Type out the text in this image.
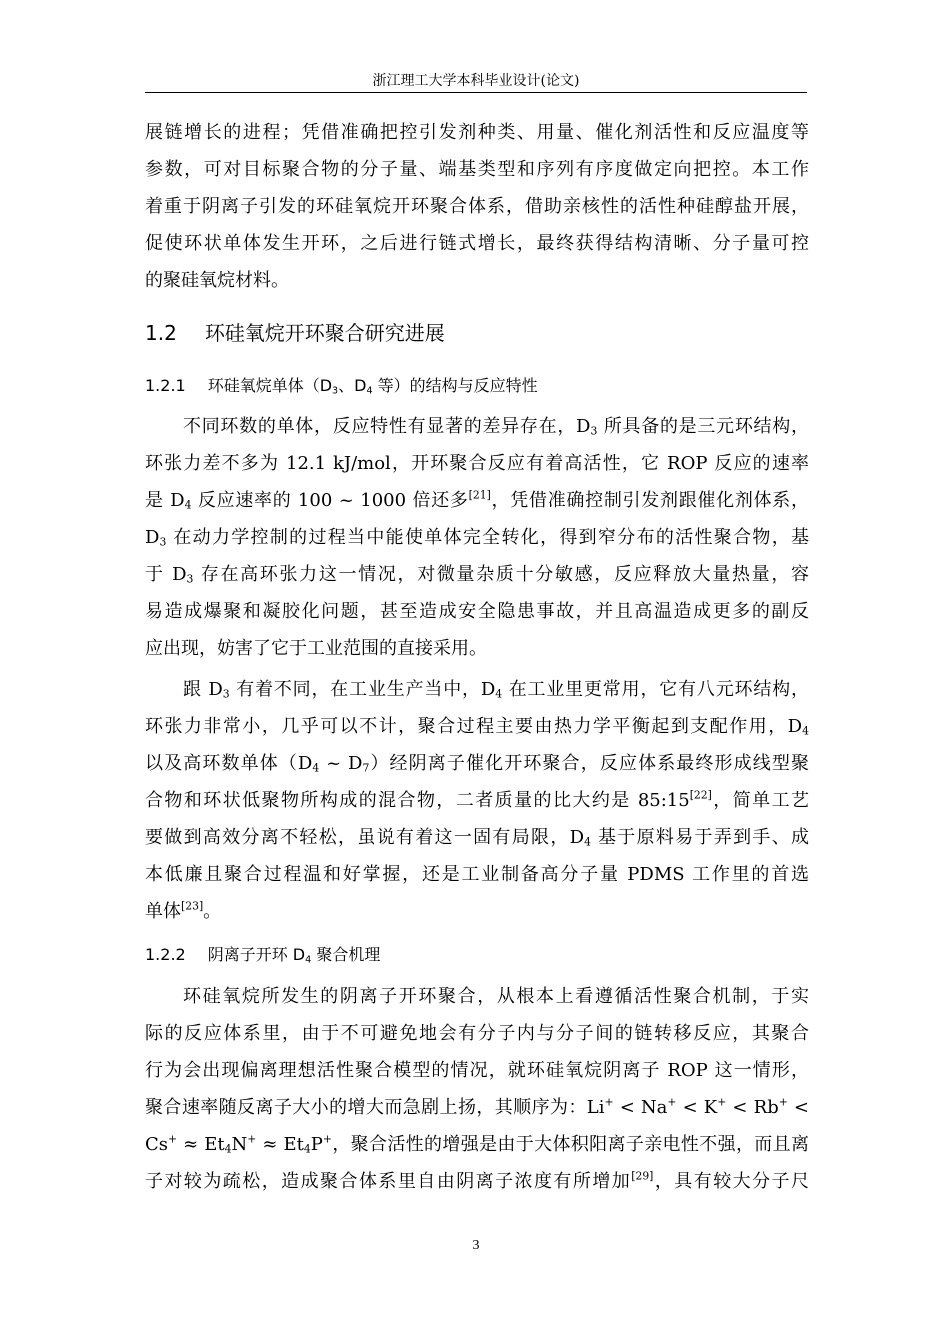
浙江理工大学本科毕业设计(论文)
展链增长的进程；凭借准确把控引发剂种类、用量、催化剂活性和反应温度等
参数，可对目标聚合物的分子量、端基类型和序列有序度做定向把控。本工作
着重于阴离子引发的环硅氧烷开环聚合体系，借助亲核性的活性种硅醇盐开展，
促使环状单体发生开环，之后进行链式增长，最终获得结构清晰、分子量可控
的聚硅氧烷材料。
1.2 环硅氧烷开环聚合研究进展
1.2.1 环硅氧烷单体（$D_3$、$D_4$ 等）的结构与反应特性
不同环数的单体，反应特性有显著的差异存在，$D_3$ 所具备的是三元环结构，
环张力差不多为 12.1 kJ/mol，开环聚合反应有着高活性，它 ROP 反应的速率
是 $D_4$ 反应速率的 100 ~ 1000 倍还多[21]，凭借准确控制引发剂跟催化剂体系，
$D_3$ 在动力学控制的过程当中能使单体完全转化，得到窄分布的活性聚合物，基
于 $D_3$ 存在高环张力这一情况，对微量杂质十分敏感，反应释放大量热量，容
易造成爆聚和凝胶化问题，甚至造成安全隐患事故，并且高温造成更多的副反
应出现，妨害了它于工业范围的直接采用。
跟 $D_3$ 有着不同，在工业生产当中，$D_4$ 在工业里更常用，它有八元环结构，
环张力非常小，几乎可以不计，聚合过程主要由热力学平衡起到支配作用，$D_4$
以及高环数单体（$D_4$ ~ $D_7$）经阴离子催化开环聚合，反应体系最终形成线型聚
合物和环状低聚物所构成的混合物，二者质量的比大约是 85:15[22]，简单工艺
要做到高效分离不轻松，虽说有着这一固有局限，$D_4$ 基于原料易于弄到手、成
本低廉且聚合过程温和好掌握，还是工业制备高分子量 PDMS 工作里的首选
单体[23]。
1.2.2 阴离子开环 $D_4$ 聚合机理
环硅氧烷所发生的阴离子开环聚合，从根本上看遵循活性聚合机制，于实
际的反应体系里，由于不可避免地会有分子内与分子间的链转移反应，其聚合
行为会出现偏离理想活性聚合模型的情况，就环硅氧烷阴离子 ROP 这一情形，
聚合速率随反离子大小的增大而急剧上扬，其顺序为：Li+ < Na+ < K+ < Rb+ <
$Cs^+ \approx Et_4N^+ \approx Et_4P^+$，聚合活性的增强是由于大体积阳离子亲电性不强，而且离
子对较为疏松，造成聚合体系里自由阴离子浓度有所增加[29]，具有较大分子尺
3
